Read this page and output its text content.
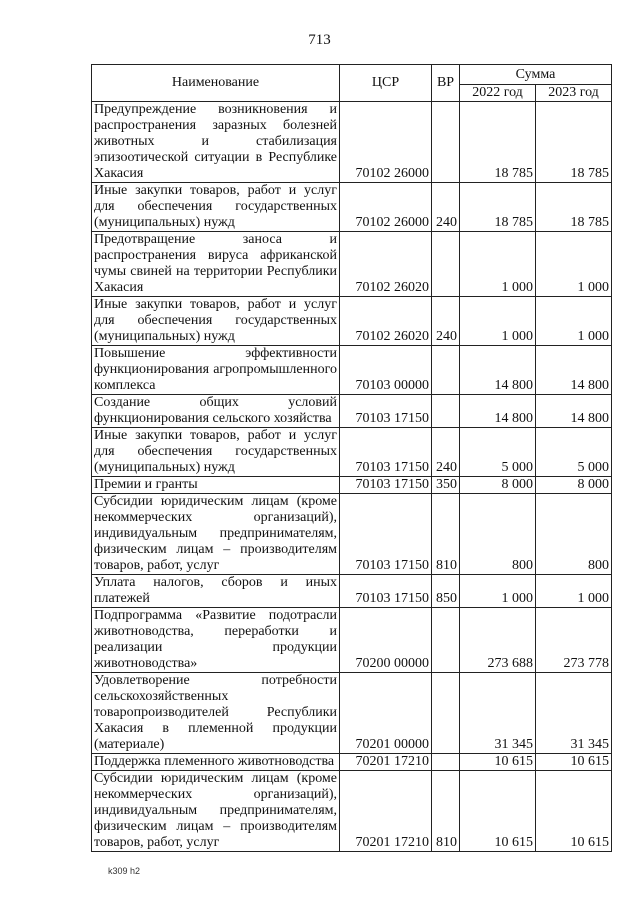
713
Наименование	ЦСР	ВР	Сумма	
			2022 год	2023 год
Предупреждение возникновения и распространения заразных болезней животных и стабилизация эпизоотической ситуации в Республике Хакасия	70102 26000		18 785	18 785
Иные закупки товаров, работ и услуг для обеспечения государственных (муниципальных) нужд	70102 26000	240	18 785	18 785
Предотвращение заноса и распространения вируса африканской чумы свиней на территории Республики Хакасия	70102 26020		1 000	1 000
Иные закупки товаров, работ и услуг для обеспечения государственных (муниципальных) нужд	70102 26020	240	1 000	1 000
Повышение эффективности функционирования агропромышленного комплекса	70103 00000		14 800	14 800
Создание общих условий функционирования сельского хозяйства	70103 17150		14 800	14 800
Иные закупки товаров, работ и услуг для обеспечения государственных (муниципальных) нужд	70103 17150	240	5 000	5 000
Премии и гранты	70103 17150	350	8 000	8 000
Субсидии юридическим лицам (кроме некоммерческих организаций), индивидуальным предпринимателям, физическим лицам – производителям товаров, работ, услуг	70103 17150	810	800	800
Уплата налогов, сборов и иных платежей	70103 17150	850	1 000	1 000
Подпрограмма «Развитие подотрасли животноводства, переработки и реализации продукции животноводства»	70200 00000		273 688	273 778
Удовлетворение потребности сельскохозяйственных товаропроизводителей Республики Хакасия в племенной продукции (материале)	70201 00000		31 345	31 345
Поддержка племенного животноводства	70201 17210		10 615	10 615
Субсидии юридическим лицам (кроме некоммерческих организаций), индивидуальным предпринимателям, физическим лицам – производителям товаров, работ, услуг	70201 17210	810	10 615	10 615
k309 h2
